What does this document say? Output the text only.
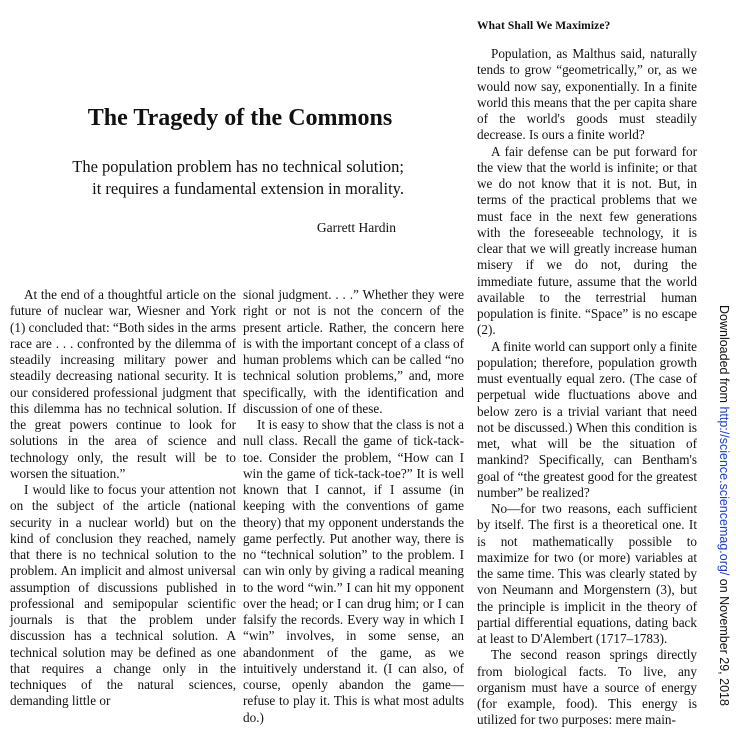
What Shall We Maximize?
The Tragedy of the Commons
The population problem has no technical solution;
it requires a fundamental extension in morality.
Garrett Hardin

At the end of a thoughtful article on the future of nuclear war, Wiesner and York (1) concluded that: “Both sides in the arms race are . . . confronted by the dilemma of steadily increasing military power and steadily decreasing national security. It is our considered professional judgment that this dilemma has no technical solution. If the great powers continue to look for solutions in the area of science and technology only, the result will be to worsen the situation.”

I would like to focus your attention not on the subject of the article (national security in a nuclear world) but on the kind of conclusion they reached, namely that there is no technical solution to the problem. An implicit and almost universal assumption of discussions published in professional and semipopular scientific journals is that the problem under discussion has a technical solution. A technical solution may be defined as one that requires a change only in the techniques of the natural sciences, demanding little or

sional judgment. . . .” Whether they were right or not is not the concern of the present article. Rather, the concern here is with the important concept of a class of human problems which can be called “no technical solution problems,” and, more specifically, with the identification and discussion of one of these.

It is easy to show that the class is not a null class. Recall the game of tick-tack-toe. Consider the problem, “How can I win the game of tick-tack-toe?” It is well known that I cannot, if I assume (in keeping with the conventions of game theory) that my opponent understands the game perfectly. Put another way, there is no “technical solution” to the problem. I can win only by giving a radical meaning to the word “win.” I can hit my opponent over the head; or I can drug him; or I can falsify the records. Every way in which I “win” involves, in some sense, an abandonment of the game, as we intuitively understand it. (I can also, of course, openly abandon the game—refuse to play it. This is what most adults do.)

Population, as Malthus said, naturally tends to grow “geometrically,” or, as we would now say, exponentially. In a finite world this means that the per capita share of the world's goods must steadily decrease. Is ours a finite world?

A fair defense can be put forward for the view that the world is infinite; or that we do not know that it is not. But, in terms of the practical problems that we must face in the next few generations with the foreseeable technology, it is clear that we will greatly increase human misery if we do not, during the immediate future, assume that the world available to the terrestrial human population is finite. “Space” is no escape (2).

A finite world can support only a finite population; therefore, population growth must eventually equal zero. (The case of perpetual wide fluctuations above and below zero is a trivial variant that need not be discussed.) When this condition is met, what will be the situation of mankind? Specifically, can Bentham's goal of “the greatest good for the greatest number” be realized?

No—for two reasons, each sufficient by itself. The first is a theoretical one. It is not mathematically possible to maximize for two (or more) variables at the same time. This was clearly stated by von Neumann and Morgenstern (3), but the principle is implicit in the theory of partial differential equations, dating back at least to D'Alembert (1717–1783).

The second reason springs directly from biological facts. To live, any organism must have a source of energy (for example, food). This energy is utilized for two purposes: mere main-

Downloaded from http://science.sciencemag.org/ on November 29, 2018
